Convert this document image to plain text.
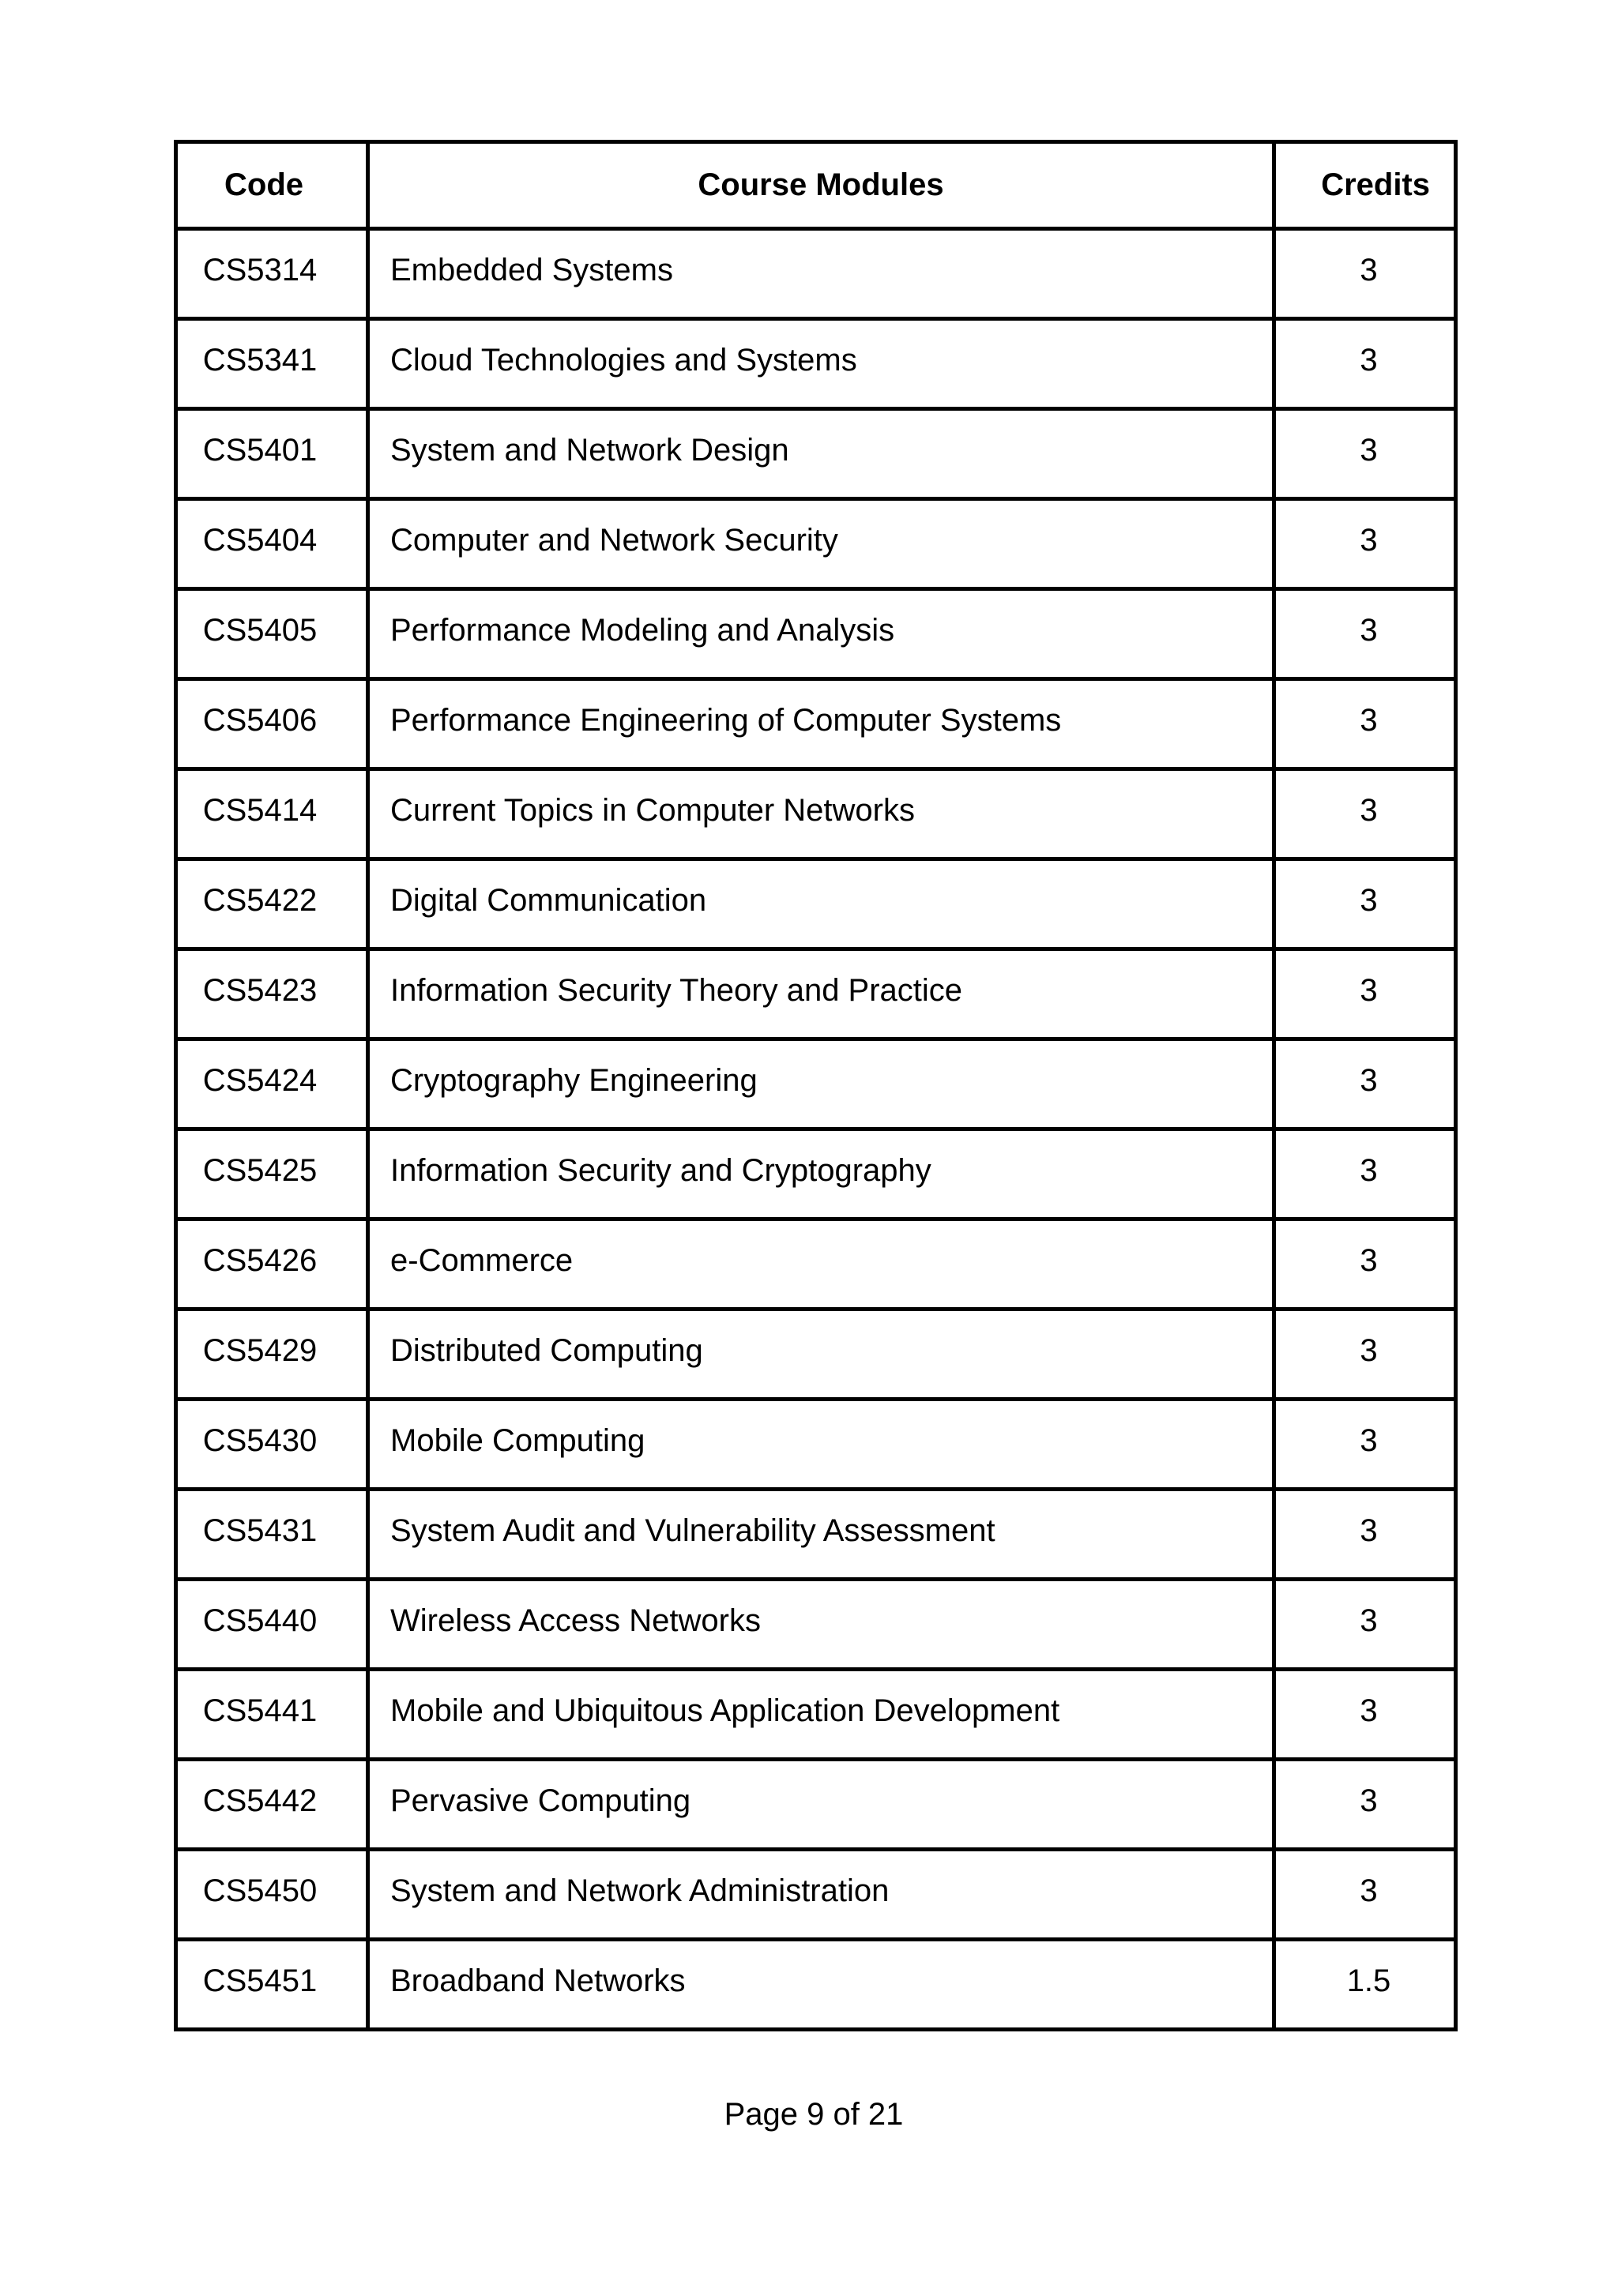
Code	Course Modules	Credits
CS5314	Embedded Systems	3
CS5341	Cloud Technologies and Systems	3
CS5401	System and Network Design	3
CS5404	Computer and Network Security	3
CS5405	Performance Modeling and Analysis	3
CS5406	Performance Engineering of Computer Systems	3
CS5414	Current Topics in Computer Networks	3
CS5422	Digital Communication	3
CS5423	Information Security Theory and Practice	3
CS5424	Cryptography Engineering	3
CS5425	Information Security and Cryptography	3
CS5426	e-Commerce	3
CS5429	Distributed Computing	3
CS5430	Mobile Computing	3
CS5431	System Audit and Vulnerability Assessment	3
CS5440	Wireless Access Networks	3
CS5441	Mobile and Ubiquitous Application Development	3
CS5442	Pervasive Computing	3
CS5450	System and Network Administration	3
CS5451	Broadband Networks	1.5
Page 9 of 21
